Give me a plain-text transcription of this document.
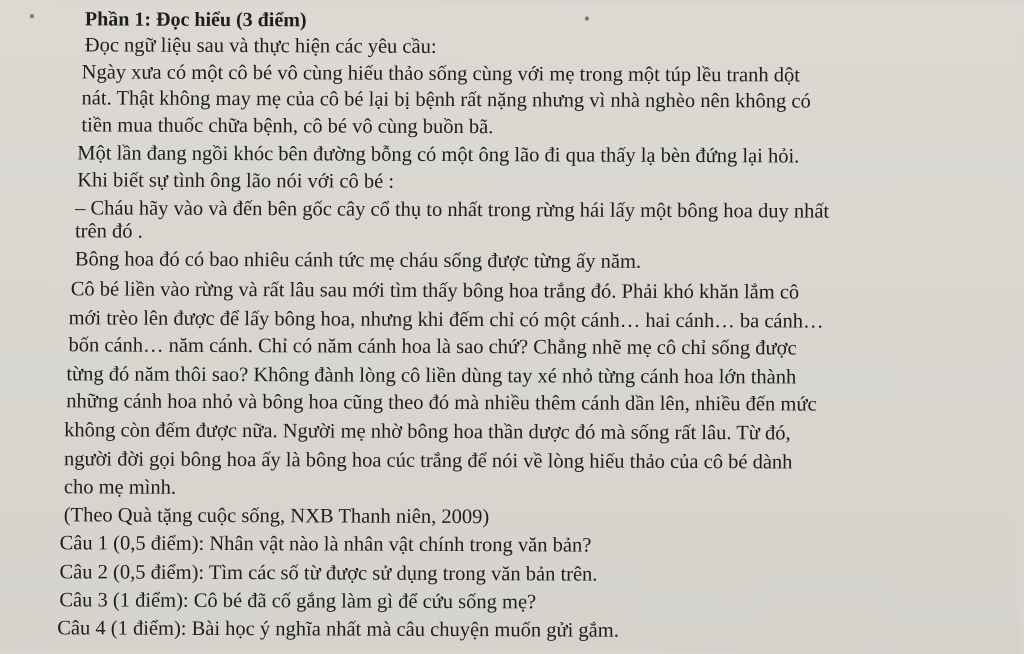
Phần 1: Đọc hiểu (3 điểm)
Đọc ngữ liệu sau và thực hiện các yêu cầu:
Ngày xưa có một cô bé vô cùng hiếu thảo sống cùng với mẹ trong một túp lều tranh dột
nát. Thật không may mẹ của cô bé lại bị bệnh rất nặng nhưng vì nhà nghèo nên không có
tiền mua thuốc chữa bệnh, cô bé vô cùng buồn bã.
Một lần đang ngồi khóc bên đường bỗng có một ông lão đi qua thấy lạ bèn đứng lại hỏi.
Khi biết sự tình ông lão nói với cô bé :
– Cháu hãy vào và đến bên gốc cây cổ thụ to nhất trong rừng hái lấy một bông hoa duy nhất
trên đó .
Bông hoa đó có bao nhiêu cánh tức mẹ cháu sống được từng ấy năm.
Cô bé liền vào rừng và rất lâu sau mới tìm thấy bông hoa trắng đó. Phải khó khăn lắm cô
mới trèo lên được để lấy bông hoa, nhưng khi đếm chỉ có một cánh… hai cánh… ba cánh…
bốn cánh… năm cánh. Chỉ có năm cánh hoa là sao chứ? Chẳng nhẽ mẹ cô chỉ sống được
từng đó năm thôi sao? Không đành lòng cô liền dùng tay xé nhỏ từng cánh hoa lớn thành
những cánh hoa nhỏ và bông hoa cũng theo đó mà nhiều thêm cánh dần lên, nhiều đến mức
không còn đếm được nữa. Người mẹ nhờ bông hoa thần dược đó mà sống rất lâu. Từ đó,
người đời gọi bông hoa ấy là bông hoa cúc trắng để nói về lòng hiếu thảo của cô bé dành
cho mẹ mình.
(Theo Quà tặng cuộc sống, NXB Thanh niên, 2009)
Câu 1 (0,5 điểm): Nhân vật nào là nhân vật chính trong văn bản?
Câu 2 (0,5 điểm): Tìm các số từ được sử dụng trong văn bản trên.
Câu 3 (1 điểm): Cô bé đã cố gắng làm gì để cứu sống mẹ?
Câu 4 (1 điểm): Bài học ý nghĩa nhất mà câu chuyện muốn gửi gắm.
